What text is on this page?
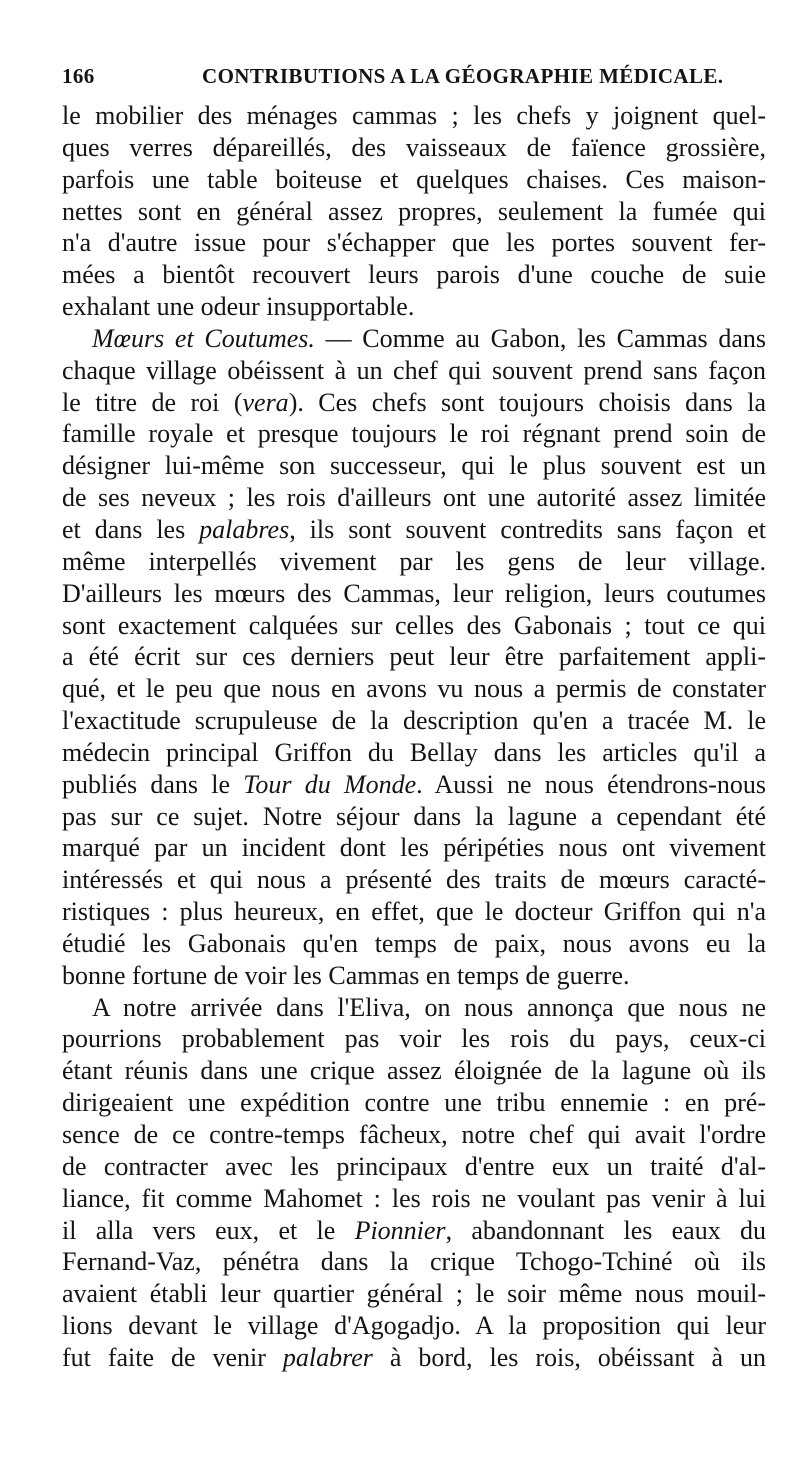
166	CONTRIBUTIONS A LA GÉOGRAPHIE MÉDICALE.
le mobilier des ménages cammas ; les chefs y joignent quel-
ques verres dépareillés, des vaisseaux de faïence grossière,
parfois une table boiteuse et quelques chaises. Ces maison-
nettes sont en général assez propres, seulement la fumée qui
n'a d'autre issue pour s'échapper que les portes souvent fer-
mées a bientôt recouvert leurs parois d'une couche de suie
exhalant une odeur insupportable.
Mœurs et Coutumes. — Comme au Gabon, les Cammas dans
chaque village obéissent à un chef qui souvent prend sans façon
le titre de roi (vera). Ces chefs sont toujours choisis dans la
famille royale et presque toujours le roi régnant prend soin de
désigner lui-même son successeur, qui le plus souvent est un
de ses neveux ; les rois d'ailleurs ont une autorité assez limitée
et dans les palabres, ils sont souvent contredits sans façon et
même interpellés vivement par les gens de leur village.
D'ailleurs les mœurs des Cammas, leur religion, leurs coutumes
sont exactement calquées sur celles des Gabonais ; tout ce qui
a été écrit sur ces derniers peut leur être parfaitement appli-
qué, et le peu que nous en avons vu nous a permis de constater
l'exactitude scrupuleuse de la description qu'en a tracée M. le
médecin principal Griffon du Bellay dans les articles qu'il a
publiés dans le Tour du Monde. Aussi ne nous étendrons-nous
pas sur ce sujet. Notre séjour dans la lagune a cependant été
marqué par un incident dont les péripéties nous ont vivement
intéressés et qui nous a présenté des traits de mœurs caracté-
ristiques : plus heureux, en effet, que le docteur Griffon qui n'a
étudié les Gabonais qu'en temps de paix, nous avons eu la
bonne fortune de voir les Cammas en temps de guerre.
A notre arrivée dans l'Eliva, on nous annonça que nous ne
pourrions probablement pas voir les rois du pays, ceux-ci
étant réunis dans une crique assez éloignée de la lagune où ils
dirigeaient une expédition contre une tribu ennemie : en pré-
sence de ce contre-temps fâcheux, notre chef qui avait l'ordre
de contracter avec les principaux d'entre eux un traité d'al-
liance, fit comme Mahomet : les rois ne voulant pas venir à lui
il alla vers eux, et le Pionnier, abandonnant les eaux du
Fernand-Vaz, pénétra dans la crique Tchogo-Tchiné où ils
avaient établi leur quartier général ; le soir même nous mouil-
lions devant le village d'Agogadjo. A la proposition qui leur
fut faite de venir palabrer à bord, les rois, obéissant à un
